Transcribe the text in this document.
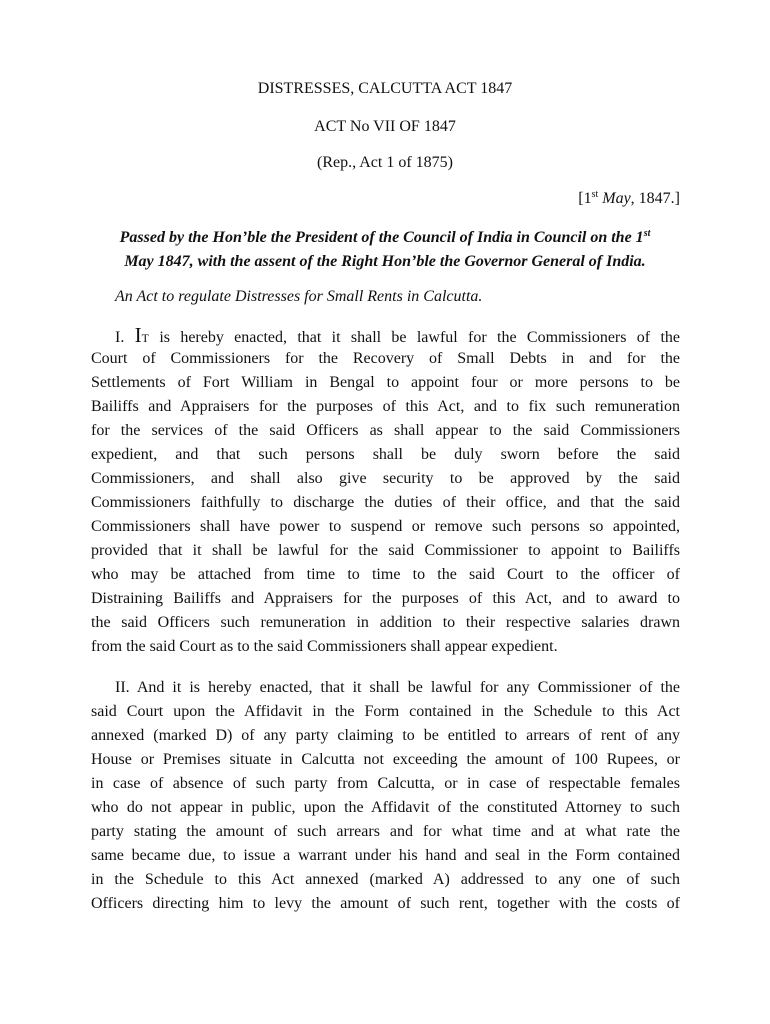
DISTRESSES, CALCUTTA ACT 1847
ACT No VII OF 1847
(Rep., Act 1 of 1875)
[1st May, 1847.]
Passed by the Hon’ble the President of the Council of India in Council on the 1st
May 1847, with the assent of the Right Hon’ble the Governor General of India.
An Act to regulate Distresses for Small Rents in Calcutta.
I. IT is hereby enacted, that it shall be lawful for the Commissioners of the
Court of Commissioners for the Recovery of Small Debts in and for the
Settlements of Fort William in Bengal to appoint four or more persons to be
Bailiffs and Appraisers for the purposes of this Act, and to fix such remuneration
for the services of the said Officers as shall appear to the said Commissioners
expedient, and that such persons shall be duly sworn before the said
Commissioners, and shall also give security to be approved by the said
Commissioners faithfully to discharge the duties of their office, and that the said
Commissioners shall have power to suspend or remove such persons so appointed,
provided that it shall be lawful for the said Commissioner to appoint to Bailiffs
who may be attached from time to time to the said Court to the officer of
Distraining Bailiffs and Appraisers for the purposes of this Act, and to award to
the said Officers such remuneration in addition to their respective salaries drawn
from the said Court as to the said Commissioners shall appear expedient.
II. And it is hereby enacted, that it shall be lawful for any Commissioner of the
said Court upon the Affidavit in the Form contained in the Schedule to this Act
annexed (marked D) of any party claiming to be entitled to arrears of rent of any
House or Premises situate in Calcutta not exceeding the amount of 100 Rupees, or
in case of absence of such party from Calcutta, or in case of respectable females
who do not appear in public, upon the Affidavit of the constituted Attorney to such
party stating the amount of such arrears and for what time and at what rate the
same became due, to issue a warrant under his hand and seal in the Form contained
in the Schedule to this Act annexed (marked A) addressed to any one of such
Officers directing him to levy the amount of such rent, together with the costs of
